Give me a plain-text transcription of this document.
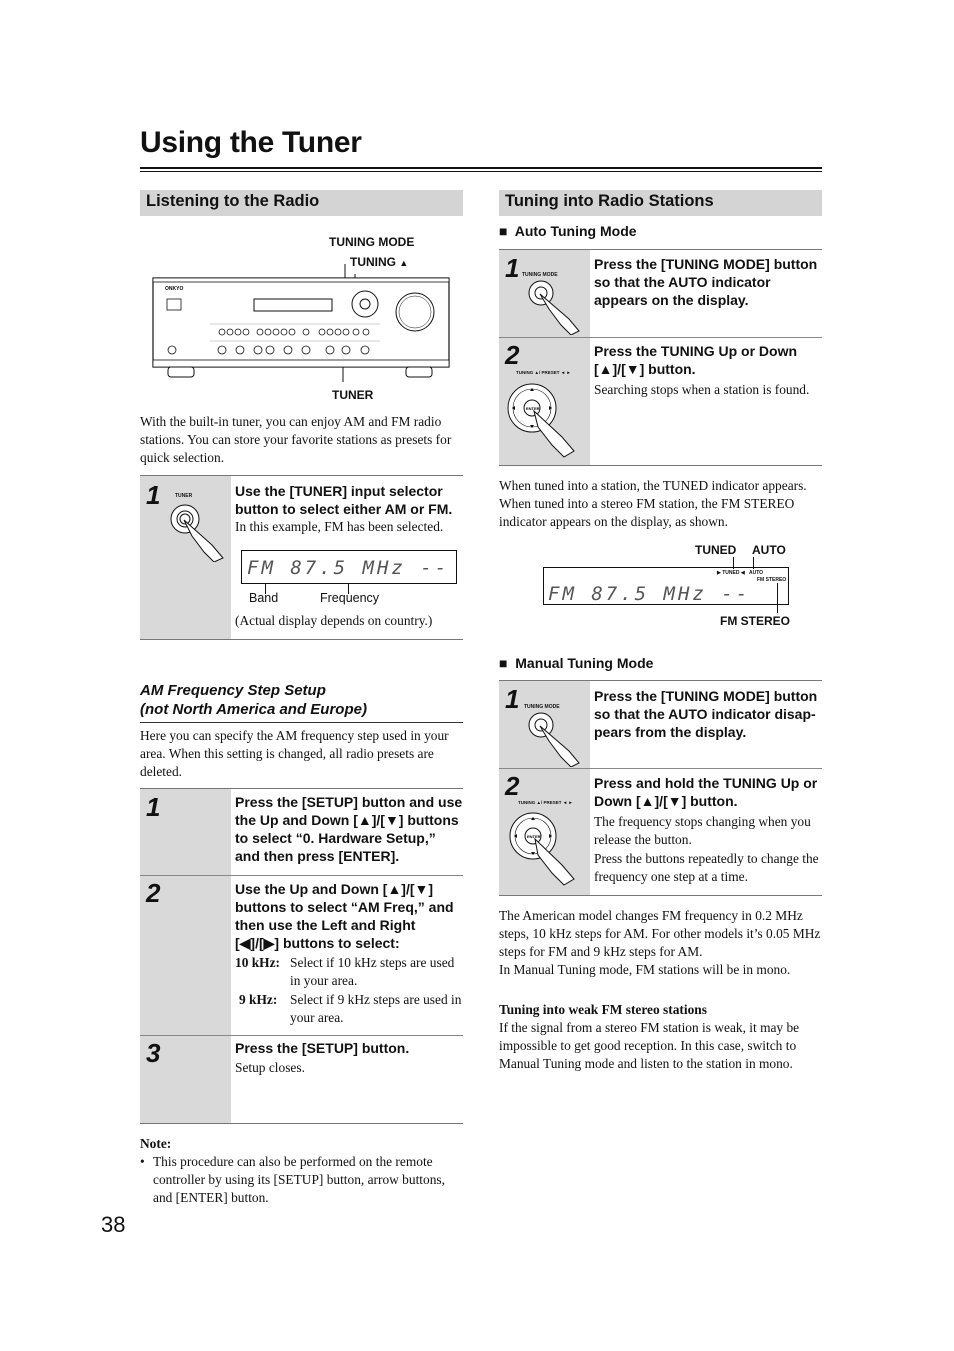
Using the Tuner
Listening to the Radio
TUNING MODE
TUNING ▲
TUNER
ONKYO
With the built-in tuner, you can enjoy AM and FM radio stations. You can store your favorite stations as presets for quick selection.
1	TUNER	Use the [TUNER] input selector button to select either AM or FM.
In this example, FM has been selected.
FM 87.5 MHz --
Band	Frequency
(Actual display depends on country.)
AM Frequency Step Setup
(not North America and Europe)
Here you can specify the AM frequency step used in your area. When this setting is changed, all radio presets are deleted.
1	Press the [SETUP] button and use the Up and Down [▲]/[▼] buttons to select “0. Hardware Setup,” and then press [ENTER].
2	Use the Up and Down [▲]/[▼] buttons to select “AM Freq,” and then use the Left and Right [◀]/[▶] buttons to select:
10 kHz: Select if 10 kHz steps are used in your area.
9 kHz: Select if 9 kHz steps are used in your area.
3	Press the [SETUP] button.
Setup closes.
Note:
• This procedure can also be performed on the remote controller by using its [SETUP] button, arrow buttons, and [ENTER] button.
38
Tuning into Radio Stations
■  Auto Tuning Mode
1 TUNING MODE
Press the [TUNING MODE] button so that the AUTO indicator appears on the display.
2
TUNING ▲/ PRESET ◄ ►
ENTER
Press the TUNING Up or Down [▲]/[▼] button.
Searching stops when a station is found.
When tuned into a station, the TUNED indicator appears. When tuned into a stereo FM station, the FM STEREO indicator appears on the display, as shown.
TUNED AUTO
▶ TUNED ◀ AUTO
FM STEREO
FM 87.5 MHz --
FM STEREO
■  Manual Tuning Mode
1 TUNING MODE
Press the [TUNING MODE] button so that the AUTO indicator disap-pears from the display.
2
TUNING ▲/ PRESET ◄ ►
ENTER
Press and hold the TUNING Up or Down [▲]/[▼] button.
The frequency stops changing when you release the button.
Press the buttons repeatedly to change the frequency one step at a time.
The American model changes FM frequency in 0.2 MHz steps, 10 kHz steps for AM. For other models it’s 0.05 MHz steps for FM and 9 kHz steps for AM.
In Manual Tuning mode, FM stations will be in mono.
Tuning into weak FM stereo stations
If the signal from a stereo FM station is weak, it may be impossible to get good reception. In this case, switch to Manual Tuning mode and listen to the station in mono.
